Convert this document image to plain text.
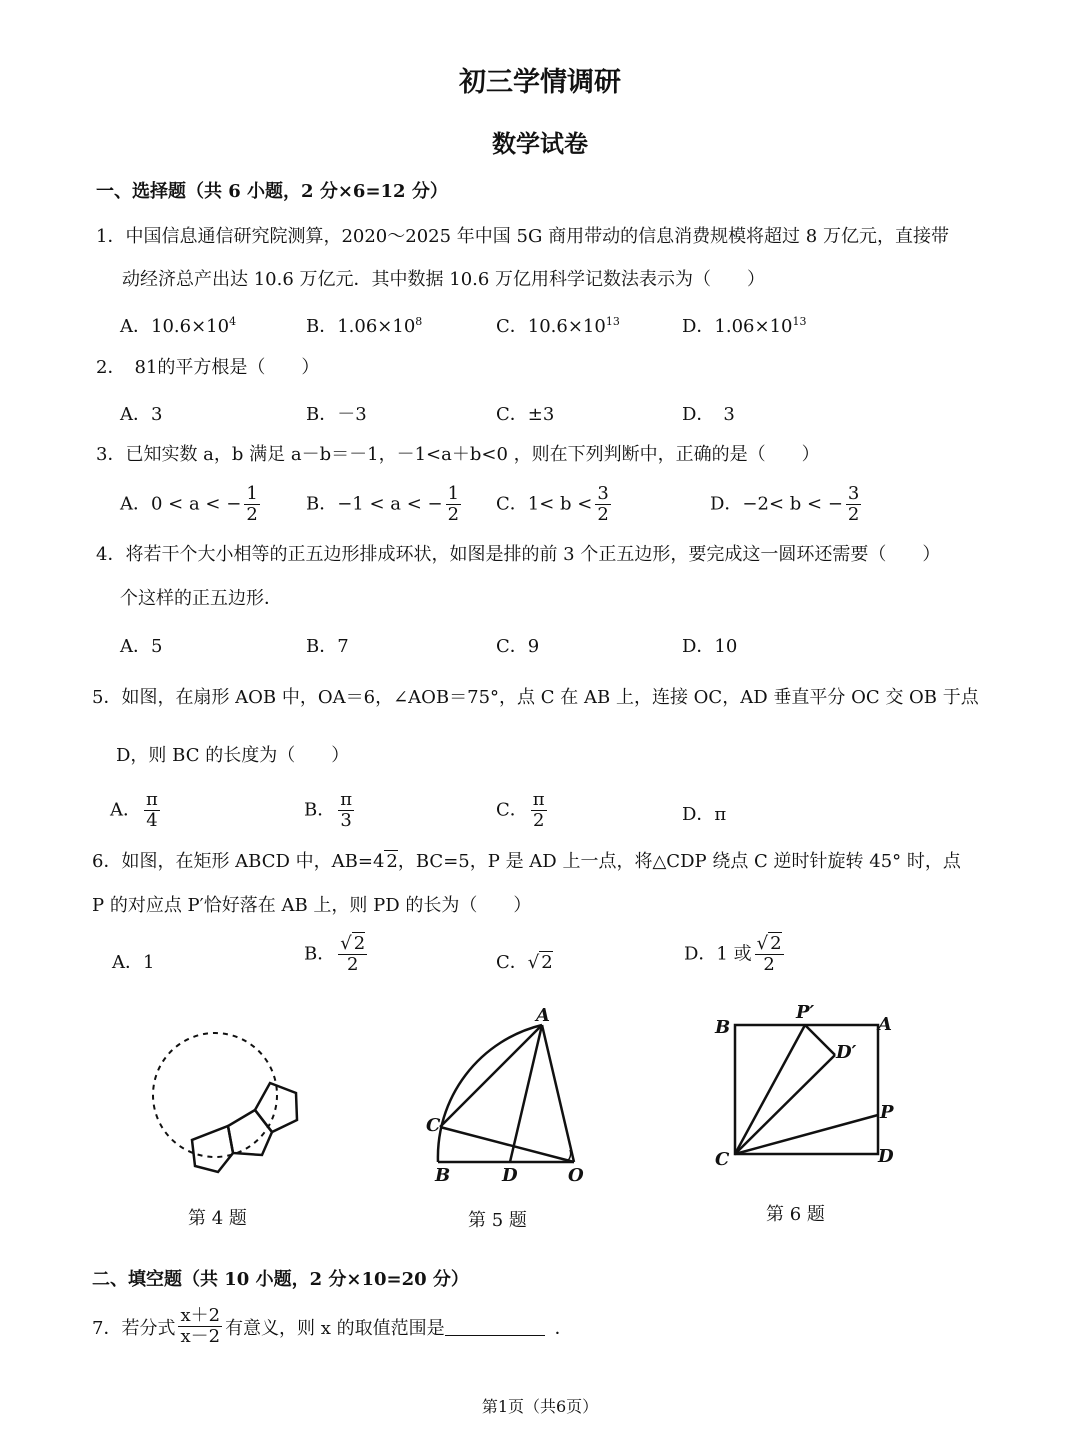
初三学情调研
数学试卷
一、选择题（共 6 小题，2 分×6=12 分）
1．中国信息通信研究院测算，2020～2025 年中国 5G 商用带动的信息消费规模将超过 8 万亿元，直接带
动经济总产出达 10.6 万亿元．其中数据 10.6 万亿用科学记数法表示为（　　）
A．$10.6\times 10^4$	B．$1.06\times 10^8$	C．$10.6\times 10^{13}$	D．$1.06\times 10^{13}$
2．　81的平方根是（　　）
A．3	B．－3	C．±3	D．　3
3．已知实数 a，b 满足 a－b＝－1，－1<a＋b<0 ，则在下列判断中，正确的是（　　）
A．0 < a < − $\frac{1}{2}$	B．−1 < a < − $\frac{1}{2}$ C．$1< b < \frac{3}{2}$	D．−2< b < − $\frac{3}{2}$
4．将若干个大小相等的正五边形排成环状，如图是排的前 3 个正五边形，要完成这一圆环还需要（　　）
个这样的正五边形．
A．5	B．7	C．9	D．10
5．如图，在扇形 AOB 中，OA＝6，∠AOB＝75°，点 C 在 AB 上，连接 OC，AD 垂直平分 OC 交 OB 于点
D，则 BC 的长度为（　　）
A． $\frac{\pi}{4}$	B． $\frac{\pi}{3}$	C． $\frac{\pi}{2}$	D．π
6．如图，在矩形 ABCD 中，AB=4 2，BC=5，P 是 AD 上一点，将△CDP 绕点 C 逆时针旋转 45° 时，点
P 的对应点 P′恰好落在 AB 上，则 PD 的长为（　　）
A．1	B． $\frac{√ 2}{2}$	C．√ 2	D．1 或 $\frac{√ 2}{2}$
第 4 题
A
B
C
D	O
第 5 题
B	A
C	D
P
P′
D′
第 6 题
二、填空题（共 10 小题，2 分×10=20 分）
7．若分式 $\frac{x+2}{x-2}$ 有意义，则 x 的取值范围是	．
第1页（共6页）
